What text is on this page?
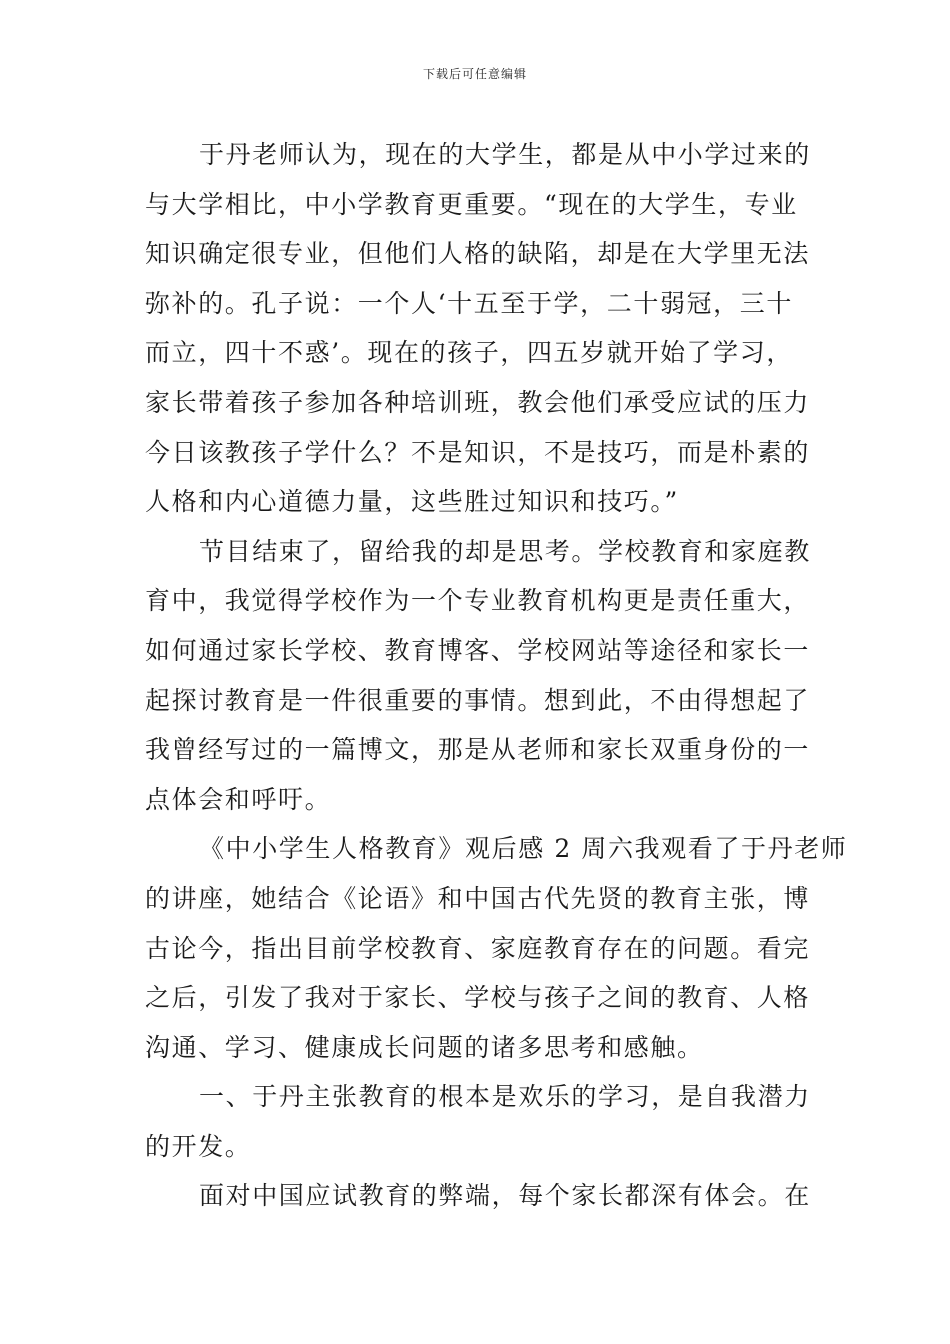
下载后可任意编辑
于丹老师认为，现在的大学生，都是从中小学过来的
与大学相比，中小学教育更重要。“现在的大学生，专业
知识确定很专业，但他们人格的缺陷，却是在大学里无法
弥补的。孔子说：一个人‘十五至于学，二十弱冠，三十
而立，四十不惑’。现在的孩子，四五岁就开始了学习，
家长带着孩子参加各种培训班，教会他们承受应试的压力
今日该教孩子学什么？不是知识，不是技巧，而是朴素的
人格和内心道德力量，这些胜过知识和技巧。”
节目结束了，留给我的却是思考。学校教育和家庭教
育中，我觉得学校作为一个专业教育机构更是责任重大，
如何通过家长学校、教育博客、学校网站等途径和家长一
起探讨教育是一件很重要的事情。想到此，不由得想起了
我曾经写过的一篇博文，那是从老师和家长双重身份的一
点体会和呼吁。
《中小学生人格教育》观后感 2 周六我观看了于丹老师
的讲座，她结合《论语》和中国古代先贤的教育主张，博
古论今，指出目前学校教育、家庭教育存在的问题。看完
之后，引发了我对于家长、学校与孩子之间的教育、人格
沟通、学习、健康成长问题的诸多思考和感触。
一、于丹主张教育的根本是欢乐的学习，是自我潜力
的开发。
面对中国应试教育的弊端，每个家长都深有体会。在
